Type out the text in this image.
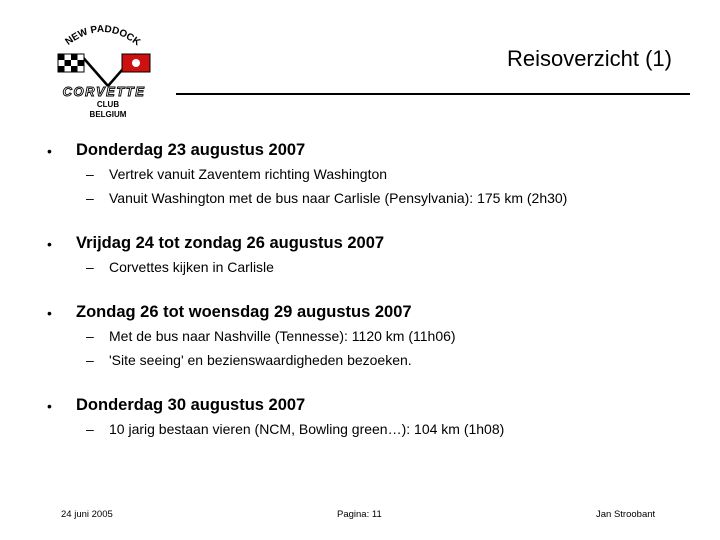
NEW PADDOCK
CORVETTE
CLUB
BELGIUM
Reisoverzicht (1)
• Donderdag 23 augustus 2007
– Vertrek vanuit Zaventem richting Washington
– Vanuit Washington met de bus naar Carlisle (Pensylvania): 175 km (2h30)
• Vrijdag 24 tot zondag 26 augustus 2007
– Corvettes kijken in Carlisle
• Zondag 26 tot woensdag 29 augustus 2007
– Met de bus naar Nashville (Tennesse): 1120 km (11h06)
– 'Site seeing' en bezienswaardigheden bezoeken.
• Donderdag 30 augustus 2007
– 10 jarig bestaan vieren (NCM, Bowling green…): 104 km (1h08)
24 juni 2005	Pagina: 11	Jan Stroobant
